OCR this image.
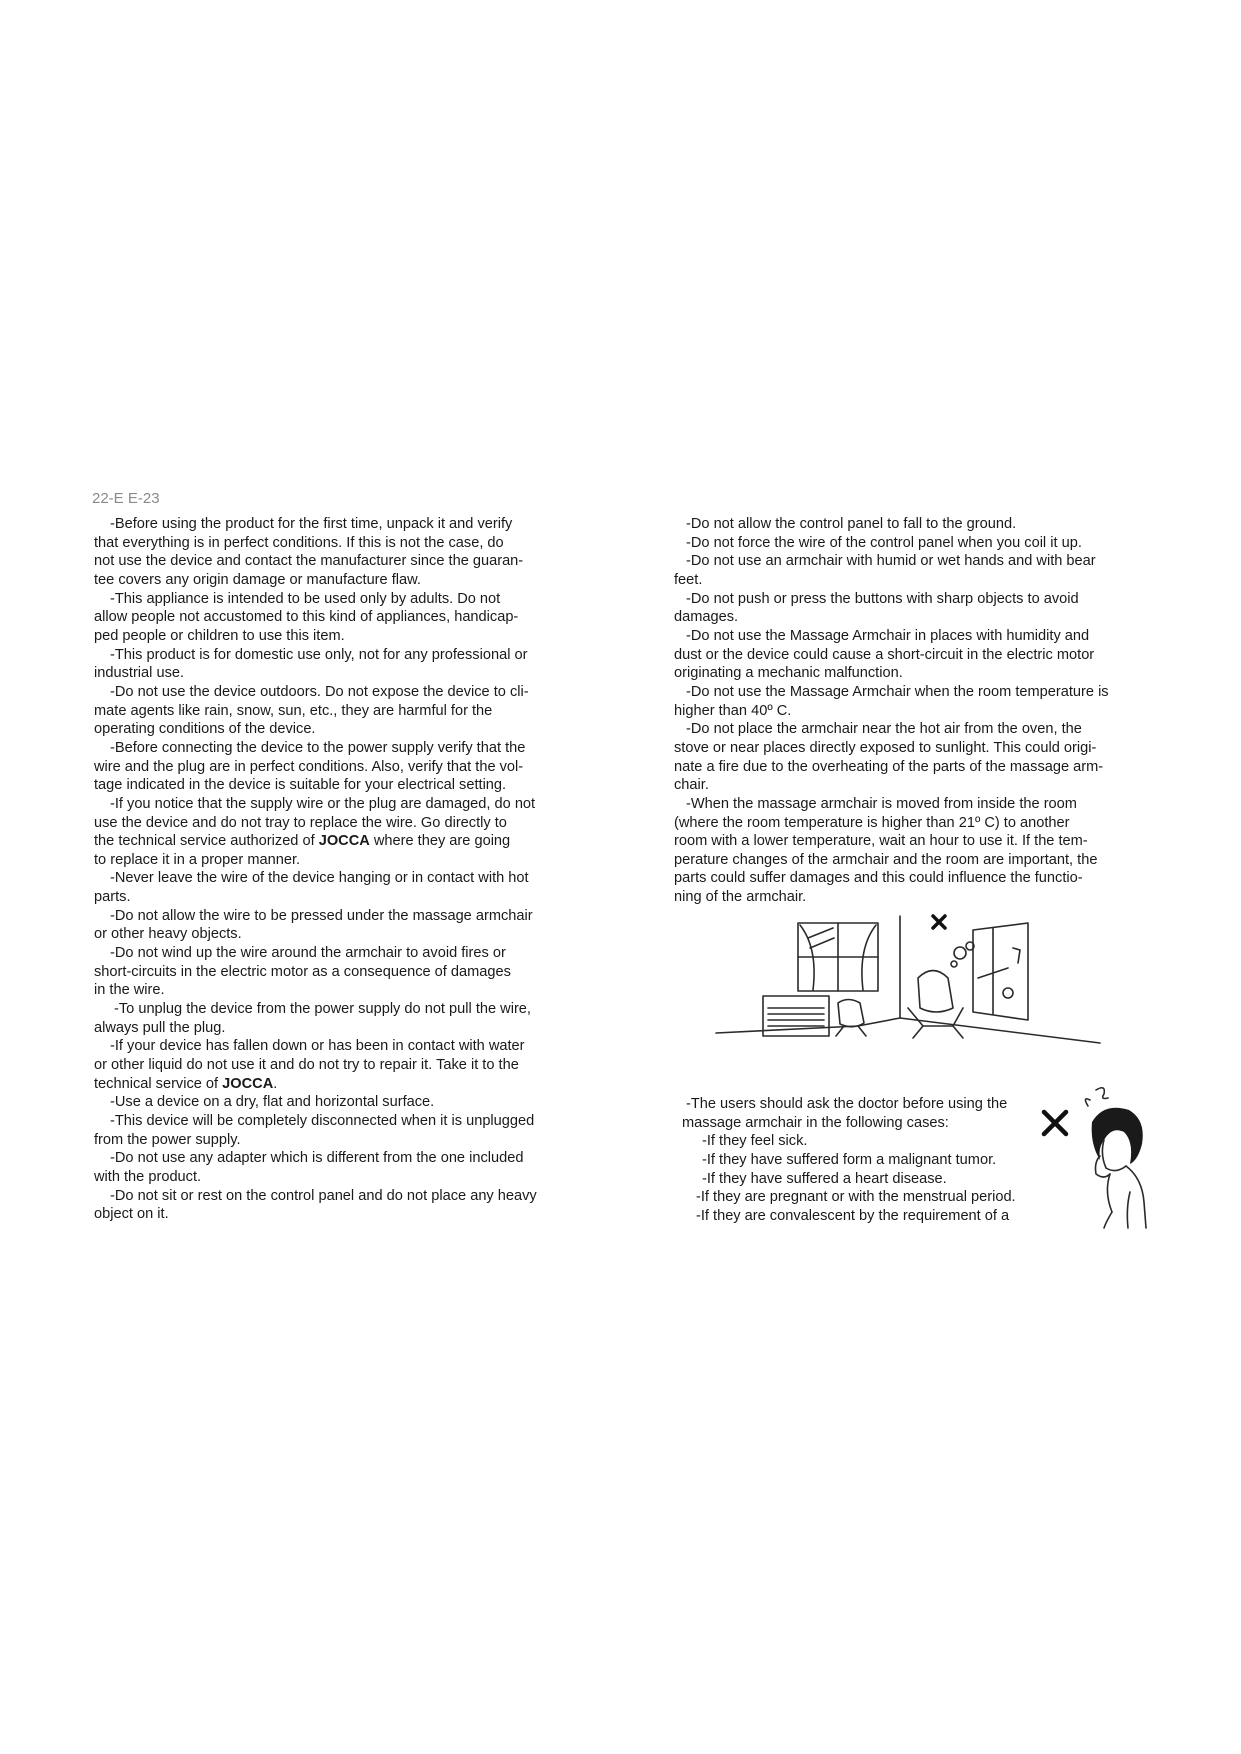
22-E E-23

-Before using the product for the first time, unpack it and verify

that everything is in perfect conditions. If this is not the case, do

not use the device and contact the manufacturer since the guaran-

tee covers any origin damage or manufacture flaw.

-This appliance is intended to be used only by adults. Do not

allow people not accustomed to this kind of appliances, handicap-

ped people or children to use this item.

-This product is for domestic use only, not for any professional or

industrial use.

-Do not use the device outdoors. Do not expose the device to cli-

mate agents like rain, snow, sun, etc., they are harmful for the

operating conditions of the device.

-Before connecting the device to the power supply verify that the

wire and the plug are in perfect conditions. Also, verify that the vol-

tage indicated in the device is suitable for your electrical setting.

-If you notice that the supply wire or the plug are damaged, do not

use the device and do not tray to replace the wire. Go directly to

the technical service authorized of JOCCA where they are going

to replace it in a proper manner.

-Never leave the wire of the device hanging or in contact with hot

parts.

-Do not allow the wire to be pressed under the massage armchair

or other heavy objects.

-Do not wind up the wire around the armchair to avoid fires or

short-circuits in the electric motor as a consequence of damages

in the wire.

-To unplug the device from the power supply do not pull the wire,

always pull the plug.

-If your device has fallen down or has been in contact with water

or other liquid do not use it and do not try to repair it. Take it to the

technical service of JOCCA.

-Use a device on a dry, flat and horizontal surface.

-This device will be completely disconnected when it is unplugged

from the power supply.

-Do not use any adapter which is different from the one included

with the product.

-Do not sit or rest on the control panel and do not place any heavy

object on it.

-Do not allow the control panel to fall to the ground.

-Do not force the wire of the control panel when you coil it up.

-Do not use an armchair with humid or wet hands and with bear

feet.

-Do not push or press the buttons with sharp objects to avoid

damages.

-Do not use the Massage Armchair in places with humidity and

dust or the device could cause a short-circuit in the electric motor

originating a mechanic malfunction.

-Do not use the Massage Armchair when the room temperature is

higher than 40º C.

-Do not place the armchair near the hot air from the oven, the

stove or near places directly exposed to sunlight. This could origi-

nate a fire due to the overheating of the parts of the massage arm-

chair.

-When the massage armchair is moved from inside the room

(where the room temperature is higher than 21º C) to another

room with a lower temperature, wait an hour to use it. If the tem-

perature changes of the armchair and the room are important, the

parts could suffer damages and this could influence the functio-

ning of the armchair.

-The users should ask the doctor before using the

massage armchair in the following cases:

-If they feel sick.

-If they have suffered form a malignant tumor.

-If they have suffered a heart disease.

-If they are pregnant or with the menstrual period.

-If they are convalescent by the requirement of a
